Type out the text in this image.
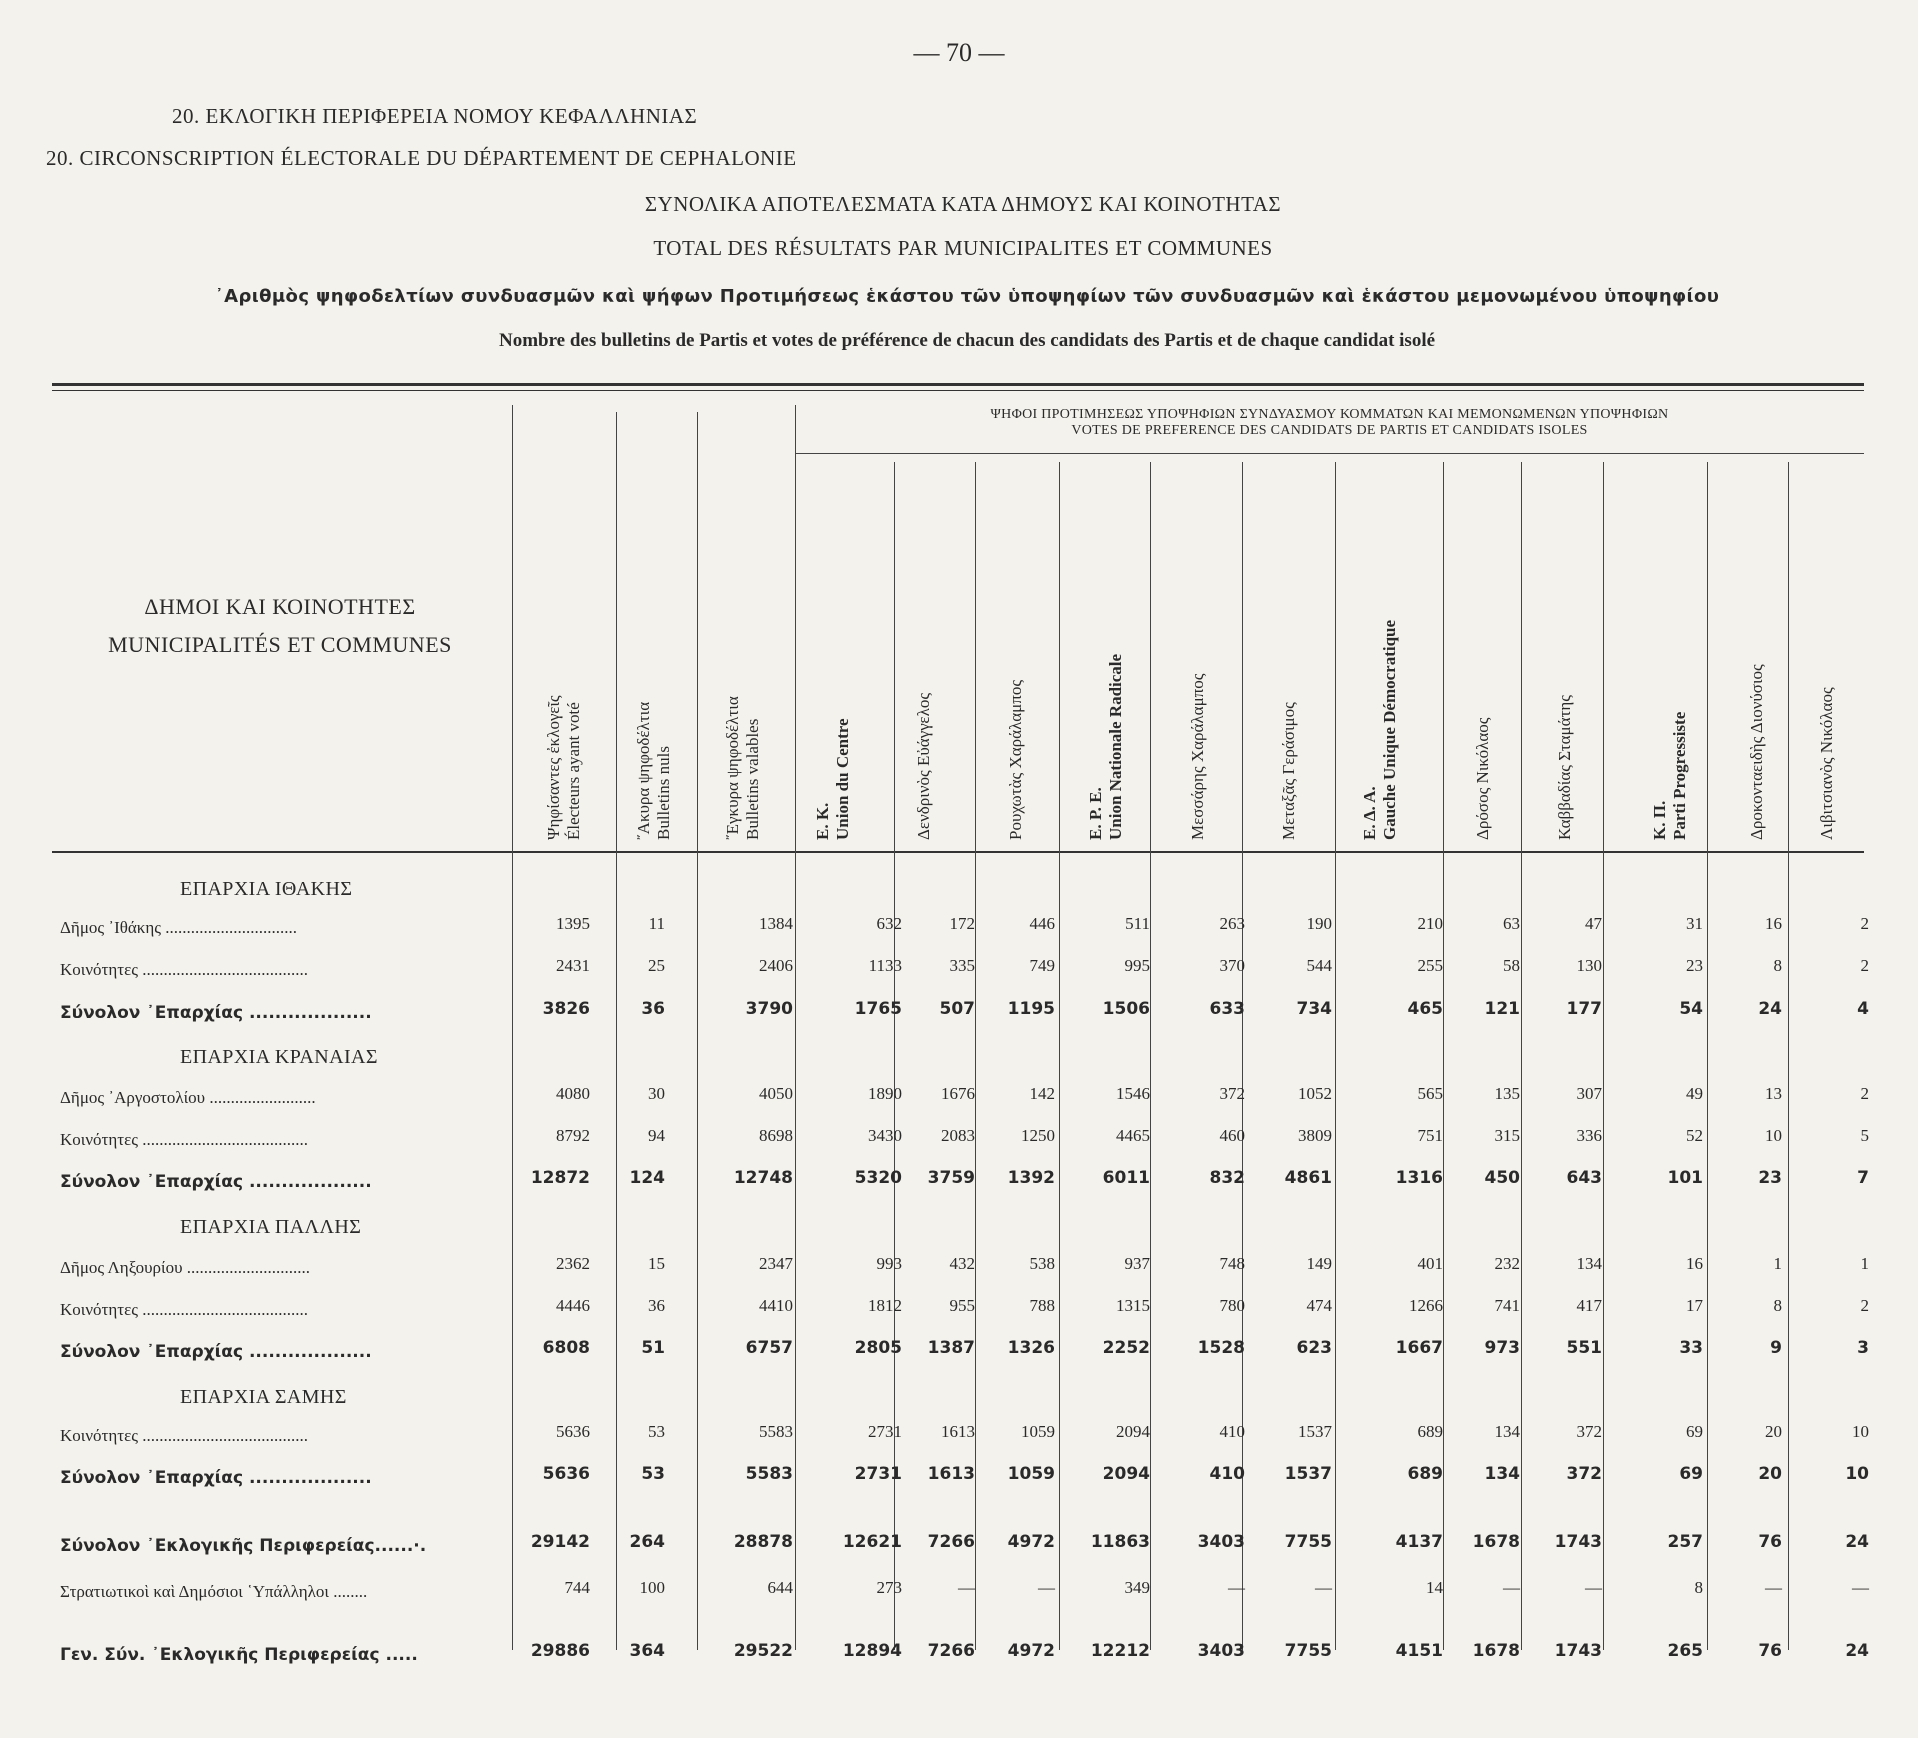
— 70 —
20. ΕΚΛΟΓΙΚΗ ΠΕΡΙΦΕΡΕΙΑ ΝΟΜΟΥ ΚΕΦΑΛΛΗΝΙΑΣ
20. CIRCONSCRIPTION ÉLECTORALE DU DÉPARTEMENT DE CEPHALONIE
ΣΥΝΟΛΙΚΑ ΑΠΟΤΕΛΕΣΜΑΤΑ ΚΑΤΑ ΔΗΜΟΥΣ ΚΑΙ ΚΟΙΝΟΤΗΤΑΣ
TOTAL DES RÉSULTATS PAR MUNICIPALITES ET COMMUNES
᾿Αριθμὸς ψηφοδελτίων συνδυασμῶν καὶ ψήφων Προτιμήσεως ἑκάστου τῶν ὑποψηφίων τῶν συνδυασμῶν καὶ ἑκάστου μεμονωμένου ὑποψηφίου
Nombre des bulletins de Partis et votes de préférence de chacun des candidats des Partis et de chaque candidat isolé
ΔΗΜΟΙ ΚΑΙ ΚΟΙΝΟΤΗΤΕΣ
MUNICIPALITÉS ET COMMUNES
ΨΗΦΟΙ ΠΡΟΤΙΜΗΣΕΩΣ ΥΠΟΨΗΦΙΩΝ ΣΥΝΔΥΑΣΜΟΥ ΚΟΜΜΑΤΩΝ ΚΑΙ ΜΕΜΟΝΩΜΕΝΩΝ ΥΠΟΨΗΦΙΩΝ
VOTES DE PREFERENCE DES CANDIDATS DE PARTIS ET CANDIDATS ISOLES
Ψηφίσαντες ἐκλογεῖς Électeurs ayant voté	῎Ακυρα ψηφοδέλτια Bulletins nuls	῎Εγκυρα ψηφοδέλτια Bulletins valables	Ε. Κ. Union du Centre	Δενδρινὸς Εὐάγγελος	Ρουχωτὰς Χαράλαμπος	Ε. Ρ. Ε. Union Nationale Radicale	Μεσσάρης Χαράλαμπος	Μεταξᾶς Γεράσιμος	Ε. Δ. Α. Gauche Unique Démocratique	Δρόσος Νικόλαος	Καββαδίας Σταμάτης	Κ. Π. Parti Progressiste	Δροκονταειδὴς Διονύσιος	Λιβιτσιανὸς Νικόλαος
ΕΠΑΡΧΙΑ ΙΘΑΚΗΣ
ΕΠΑΡΧΙΑ ΚΡΑΝΑΙΑΣ
ΕΠΑΡΧΙΑ ΠΑΛΛΗΣ
ΕΠΑΡΧΙΑ ΣΑΜΗΣ
Δῆμος ᾿Ιθάκης ...............................	1395	11	1384	632	172	446	511	263	190	210	63	47	31	16	2
Κοινότητες .......................................	2431	25	2406	1133	335	749	995	370	544	255	58	130	23	8	2
Σύνολον ᾿Επαρχίας ...................	3826	36	3790	1765	507	1195	1506	633	734	465	121	177	54	24	4
Δῆμος ᾿Αργοστολίου .........................	4080	30	4050	1890	1676	142	1546	372	1052	565	135	307	49	13	2
Κοινότητες .......................................	8792	94	8698	3430	2083	1250	4465	460	3809	751	315	336	52	10	5
Σύνολον ᾿Επαρχίας ...................	12872	124	12748	5320	3759	1392	6011	832	4861	1316	450	643	101	23	7
Δῆμος Ληξουρίου .............................	2362	15	2347	993	432	538	937	748	149	401	232	134	16	1	1
Κοινότητες .......................................	4446	36	4410	1812	955	788	1315	780	474	1266	741	417	17	8	2
Σύνολον ᾿Επαρχίας ...................	6808	51	6757	2805	1387	1326	2252	1528	623	1667	973	551	33	9	3
Κοινότητες .......................................	5636	53	5583	2731	1613	1059	2094	410	1537	689	134	372	69	20	10
Σύνολον ᾿Επαρχίας ...................	5636	53	5583	2731	1613	1059	2094	410	1537	689	134	372	69	20	10
Σύνολον ᾿Εκλογικῆς Περιφερείας......·.	29142	264	28878	12621	7266	4972	11863	3403	7755	4137	1678	1743	257	76	24
Στρατιωτικοὶ καὶ Δημόσιοι ῾Υπάλληλοι ........	744	100	644	273	—	—	349	—	—	14	—	—	8	—	—
Γεν. Σύν. ᾿Εκλογικῆς Περιφερείας .....	29886	364	29522	12894	7266	4972	12212	3403	7755	4151	1678	1743	265	76	24
